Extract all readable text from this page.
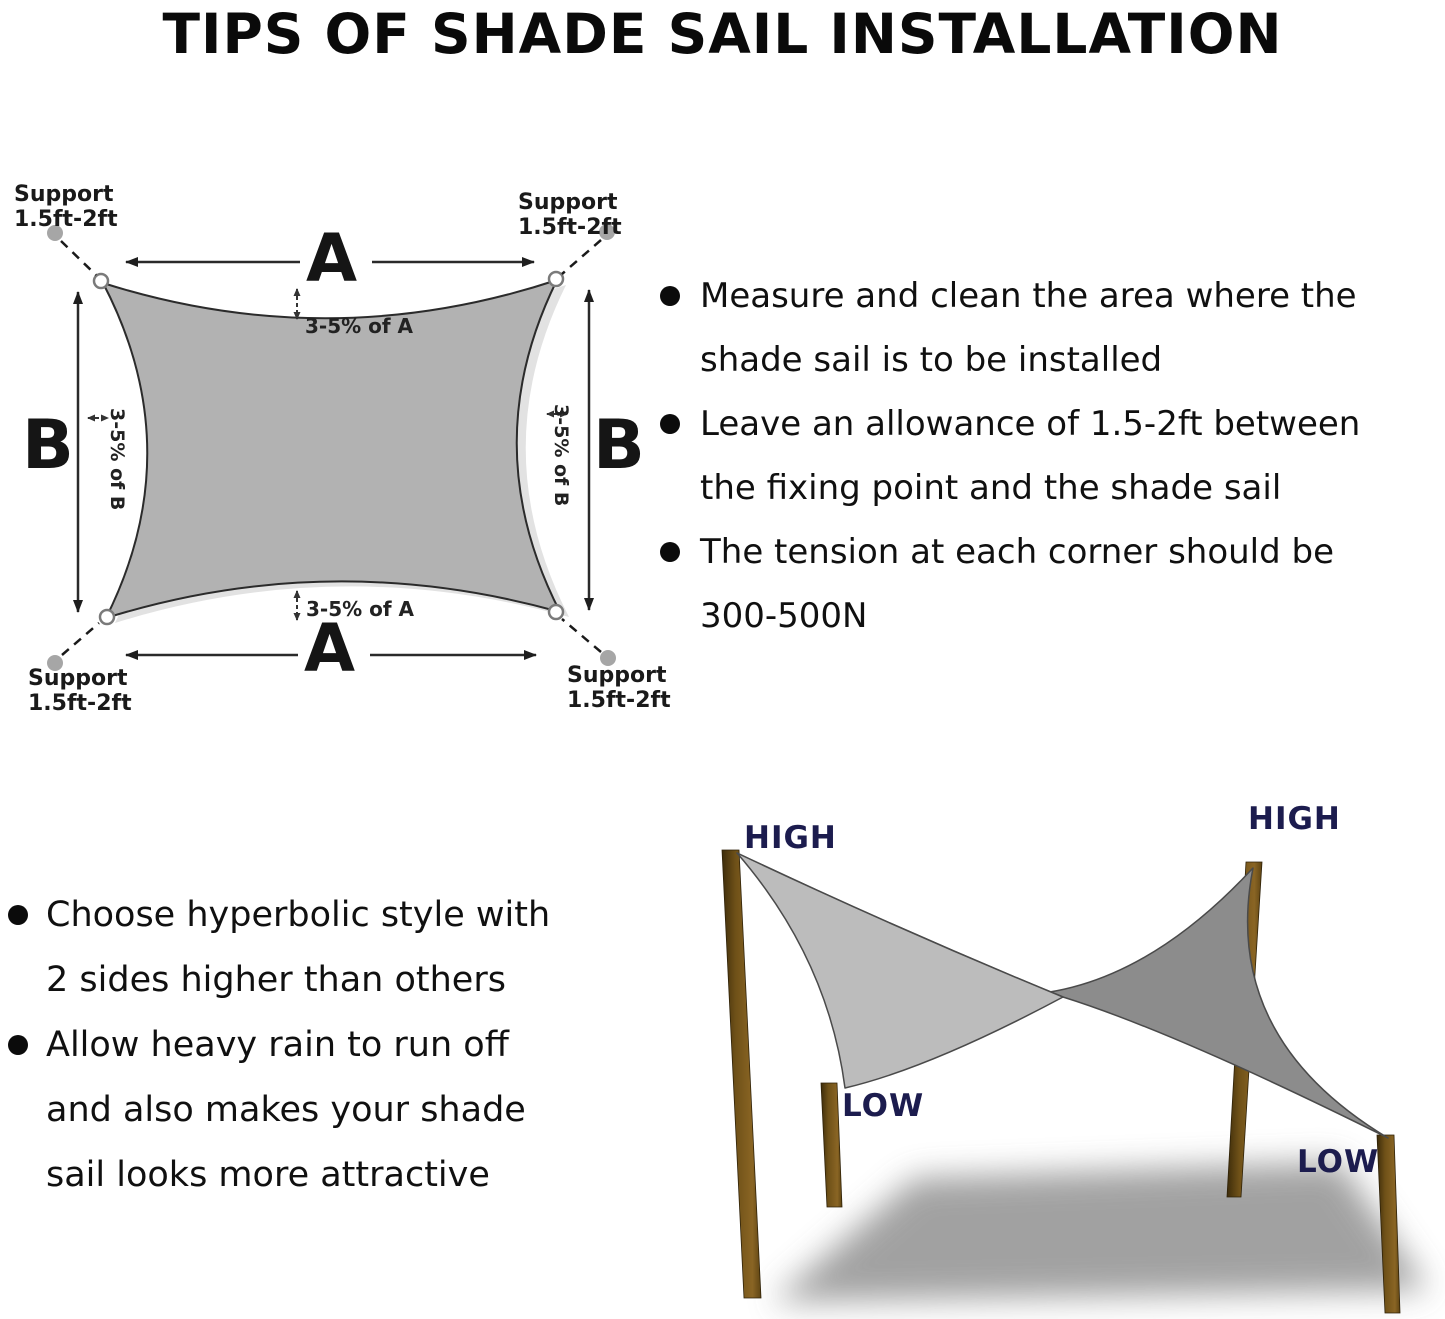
TIPS OF SHADE SAIL INSTALLATION
Support
1.5ft-2ft
Support
1.5ft-2ft
Support
1.5ft-2ft
Support
1.5ft-2ft
A
A
B	B
3-5% of A
3-5% of A
3-5% of B	3-5% of B
Measure and clean the area where the
shade sail is to be installed
Leave an allowance of 1.5-2ft between
the fixing point and the shade sail
The tension at each corner should be
300-500N
Choose hyperbolic style with
2 sides higher than others
Allow heavy rain to run off
and also makes your shade
sail looks more attractive
HIGH
HIGH
LOW
LOW
